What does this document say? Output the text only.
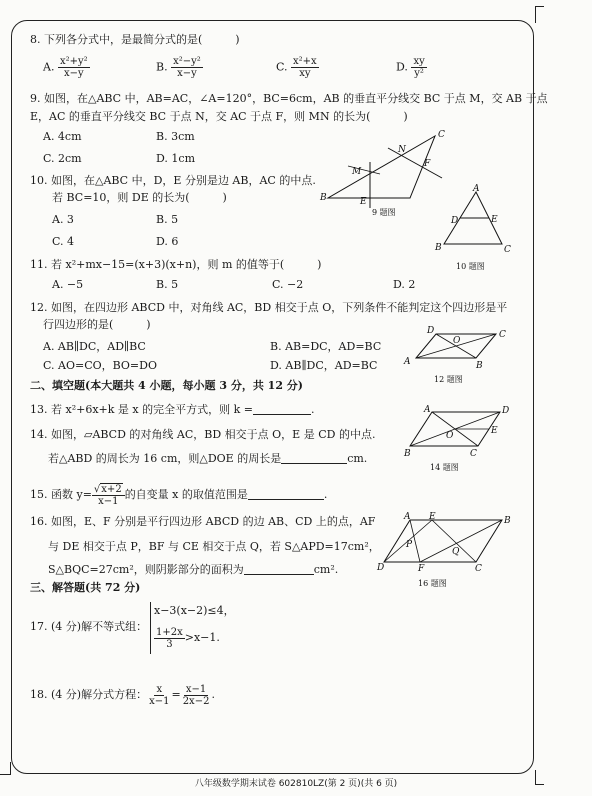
8. 下列各分式中，是最简分式的是(　　　)
A. $\frac{\text{x²+y²}}{x-y}$	B. $\frac{\text{x²−y²}}{x-y}$	C. $\frac{\text{x²+x}}{xy}$	D. $\frac{xy}{\text{y²}}$
9. 如图，在△ABC 中，AB=AC，∠A=120°，BC=6cm，AB 的垂直平分线交 BC 于点 M，交 AB 于点
E，AC 的垂直平分线交 BC 于点 N，交 AC 于点 F，则 MN 的长为(　　　)
A. 4cm	B. 3cm
C. 2cm	D. 1cm
B
C
M
N
E
F
9 题图
10. 如图，在△ABC 中，D，E 分别是边 AB，AC 的中点.
若 BC=10，则 DE 的长为(　　　)
A. 3	B. 5
C. 4	D. 6
A
B	C
D	E
10 题图
11. 若 x²+mx−15=(x+3)(x+n)，则 m 的值等于(　　　)
A. −5	B. 5	C. −2	D. 2
12. 如图，在四边形 ABCD 中，对角线 AC，BD 相交于点 O，下列条件不能判定这个四边形是平
行四边形的是(　　　)
A. AB∥DC，AD∥BC	B. AB=DC，AD=BC
C. AO=CO，BO=DO	D. AB∥DC，AD=BC
D	C
A	B
O
12 题图
二、填空题(本大题共 4 小题，每小题 3 分，共 12 分)
13. 若 x²+6x+k 是 x 的完全平方式，则 k =	.
14. 如图，▱ABCD 的对角线 AC，BD 相交于点 O，E 是 CD 的中点.
若△ABD 的周长为 16 cm，则△DOE 的周长是	cm.
A	D
B	C
O	E
14 题图
15. 函数 $y= \frac{√x+2}{x-1}$ 的自变量 x 的取值范围是	.
16. 如图，E、F 分别是平行四边形 ABCD 的边 AB、CD 上的点，AF
与 DE 相交于点 P，BF 与 CE 相交于点 Q，若 S△APD=17cm²，
S△BQC=27cm²，则阴影部分的面积为	cm².
A E	B
D	F	C
P
Q
16 题图
三、解答题(共 72 分)
17. (4 分)解不等式组：
x−3(x−2)≤4，
$\frac{1+2x}{3} >x-1$.
18. (4 分)解分式方程： $\frac{x}{x-1} = \frac{x-1}{2x-2}$ .
八年级数学期末试卷 602810LZ(第 2 页)(共 6 页)
